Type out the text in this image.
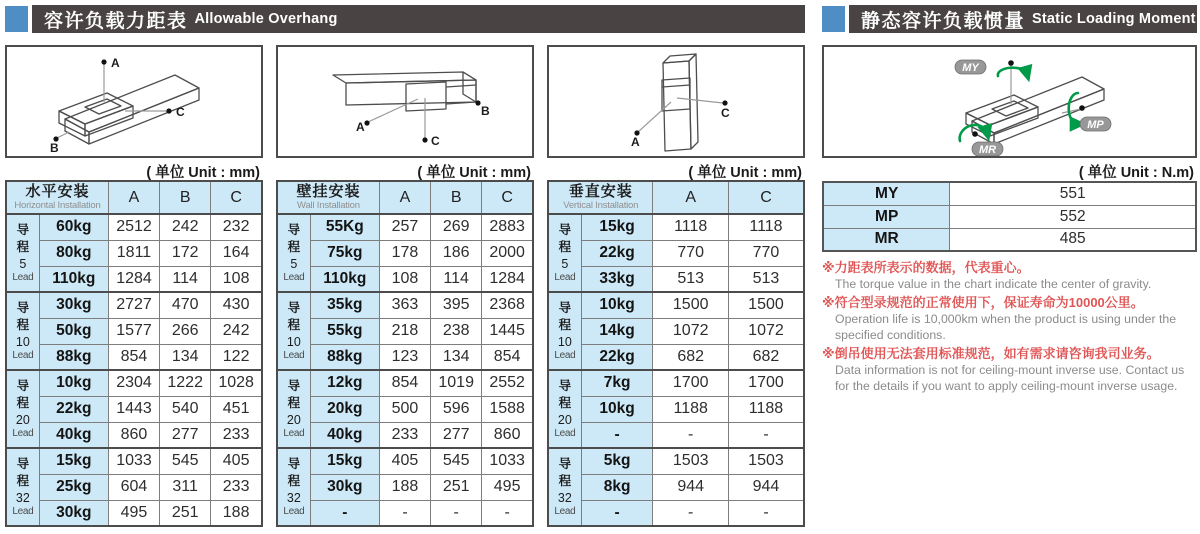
容许负载力距表 Allowable Overhang
A
C
B
( 单位 Unit : mm)
水平安装
Horizontal Installation		A	B	C

导
程
5
Lead	60kg	2512	242	232
	80kg	1811	172	164
	110kg	1284	114	108

导
程
10
Lead	30kg	2727	470	430
	50kg	1577	266	242
	88kg	854	134	122

导
程
20
Lead	10kg	2304	1222	1028
	22kg	1443	540	451
	40kg	860	277	233

导
程
32
Lead	15kg	1033	545	405
	25kg	604	311	233
	30kg	495	251	188
A
B
C
( 单位 Unit : mm)
壁挂安装
Wall Installation		A	B	C

导
程
5
Lead	55Kg	257	269	2883
	75kg	178	186	2000
	110kg	108	114	1284

导
程
10
Lead	35kg	363	395	2368
	55kg	218	238	1445
	88kg	123	134	854

导
程
20
Lead	12kg	854	1019	2552
	20kg	500	596	1588
	40kg	233	277	860

导
程
32
Lead	15kg	405	545	1033
	30kg	188	251	495
	-	-	-	-
A
C
( 单位 Unit : mm)
垂直安装
Vertical Installation		A	C

导
程
5
Lead	15kg	1118	1118
	22kg	770	770
	33kg	513	513

导
程
10
Lead	10kg	1500	1500
	14kg	1072	1072
	22kg	682	682

导
程
20
Lead	7kg	1700	1700
	10kg	1188	1188
	-	-	-

导
程
32
Lead	5kg	1503	1503
	8kg	944	944
	-	-	-
静态容许负载惯量 Static Loading Moment
MY
MP
MR
( 单位 Unit : N.m)
MY	551
MP	552
MR	485
※力距表所表示的数据，代表重心。
The torque value in the chart indicate the center of gravity.
※符合型录规范的正常使用下，保证寿命为10000公里。
Operation life is 10,000km when the product is using under the specified conditions.
※倒吊使用无法套用标准规范，如有需求请咨询我司业务。
Data information is not for ceiling-mount inverse use. Contact us for the details if you want to apply ceiling-mount inverse usage.
